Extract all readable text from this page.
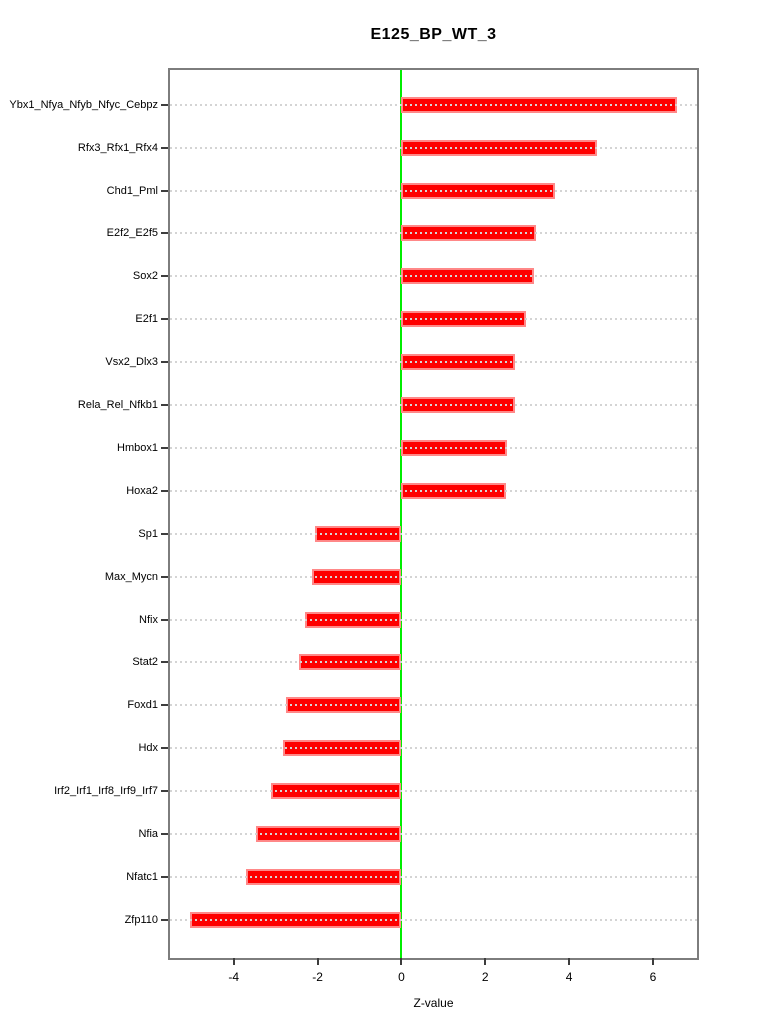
E125_BP_WT_3
Z-value
Ybx1_Nfya_Nfyb_Nfyc_Cebpz
Rfx3_Rfx1_Rfx4
Chd1_Pml
E2f2_E2f5
Sox2
E2f1
Vsx2_Dlx3
Rela_Rel_Nfkb1
Hmbox1
Hoxa2
Sp1
Max_Mycn
Nfix
Stat2
Foxd1
Hdx
Irf2_Irf1_Irf8_Irf9_Irf7
Nfia
Nfatc1
Zfp110
-4	-2	0	2	4	6
